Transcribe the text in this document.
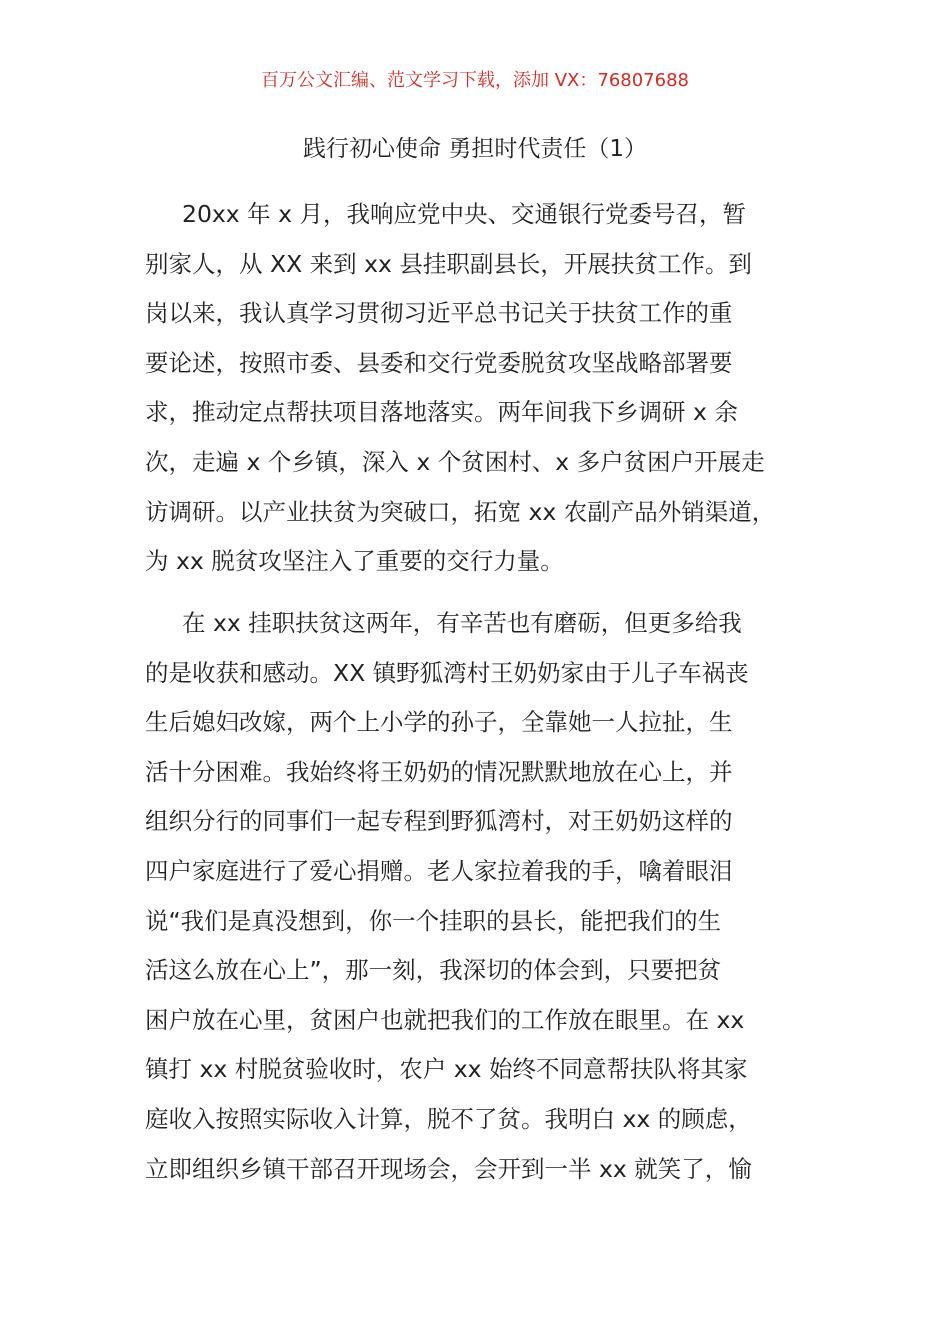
百万公文汇编、范文学习下载，添加 VX：76807688
践行初心使命 勇担时代责任（1）
20xx 年 x 月，我响应党中央、交通银行党委号召，暂
别家人，从 XX 来到 xx 县挂职副县长，开展扶贫工作。到
岗以来，我认真学习贯彻习近平总书记关于扶贫工作的重
要论述，按照市委、县委和交行党委脱贫攻坚战略部署要
求，推动定点帮扶项目落地落实。两年间我下乡调研 x 余
次，走遍 x 个乡镇，深入 x 个贫困村、x 多户贫困户开展走
访调研。以产业扶贫为突破口，拓宽 xx 农副产品外销渠道，
为 xx 脱贫攻坚注入了重要的交行力量。
在 xx 挂职扶贫这两年，有辛苦也有磨砺，但更多给我
的是收获和感动。XX 镇野狐湾村王奶奶家由于儿子车祸丧
生后媳妇改嫁，两个上小学的孙子，全靠她一人拉扯，生
活十分困难。我始终将王奶奶的情况默默地放在心上，并
组织分行的同事们一起专程到野狐湾村，对王奶奶这样的
四户家庭进行了爱心捐赠。老人家拉着我的手，噙着眼泪
说“我们是真没想到，你一个挂职的县长，能把我们的生
活这么放在心上”，那一刻，我深切的体会到，只要把贫
困户放在心里，贫困户也就把我们的工作放在眼里。在 xx
镇打 xx 村脱贫验收时，农户 xx 始终不同意帮扶队将其家
庭收入按照实际收入计算，脱不了贫。我明白 xx 的顾虑，
立即组织乡镇干部召开现场会，会开到一半 xx 就笑了，愉
